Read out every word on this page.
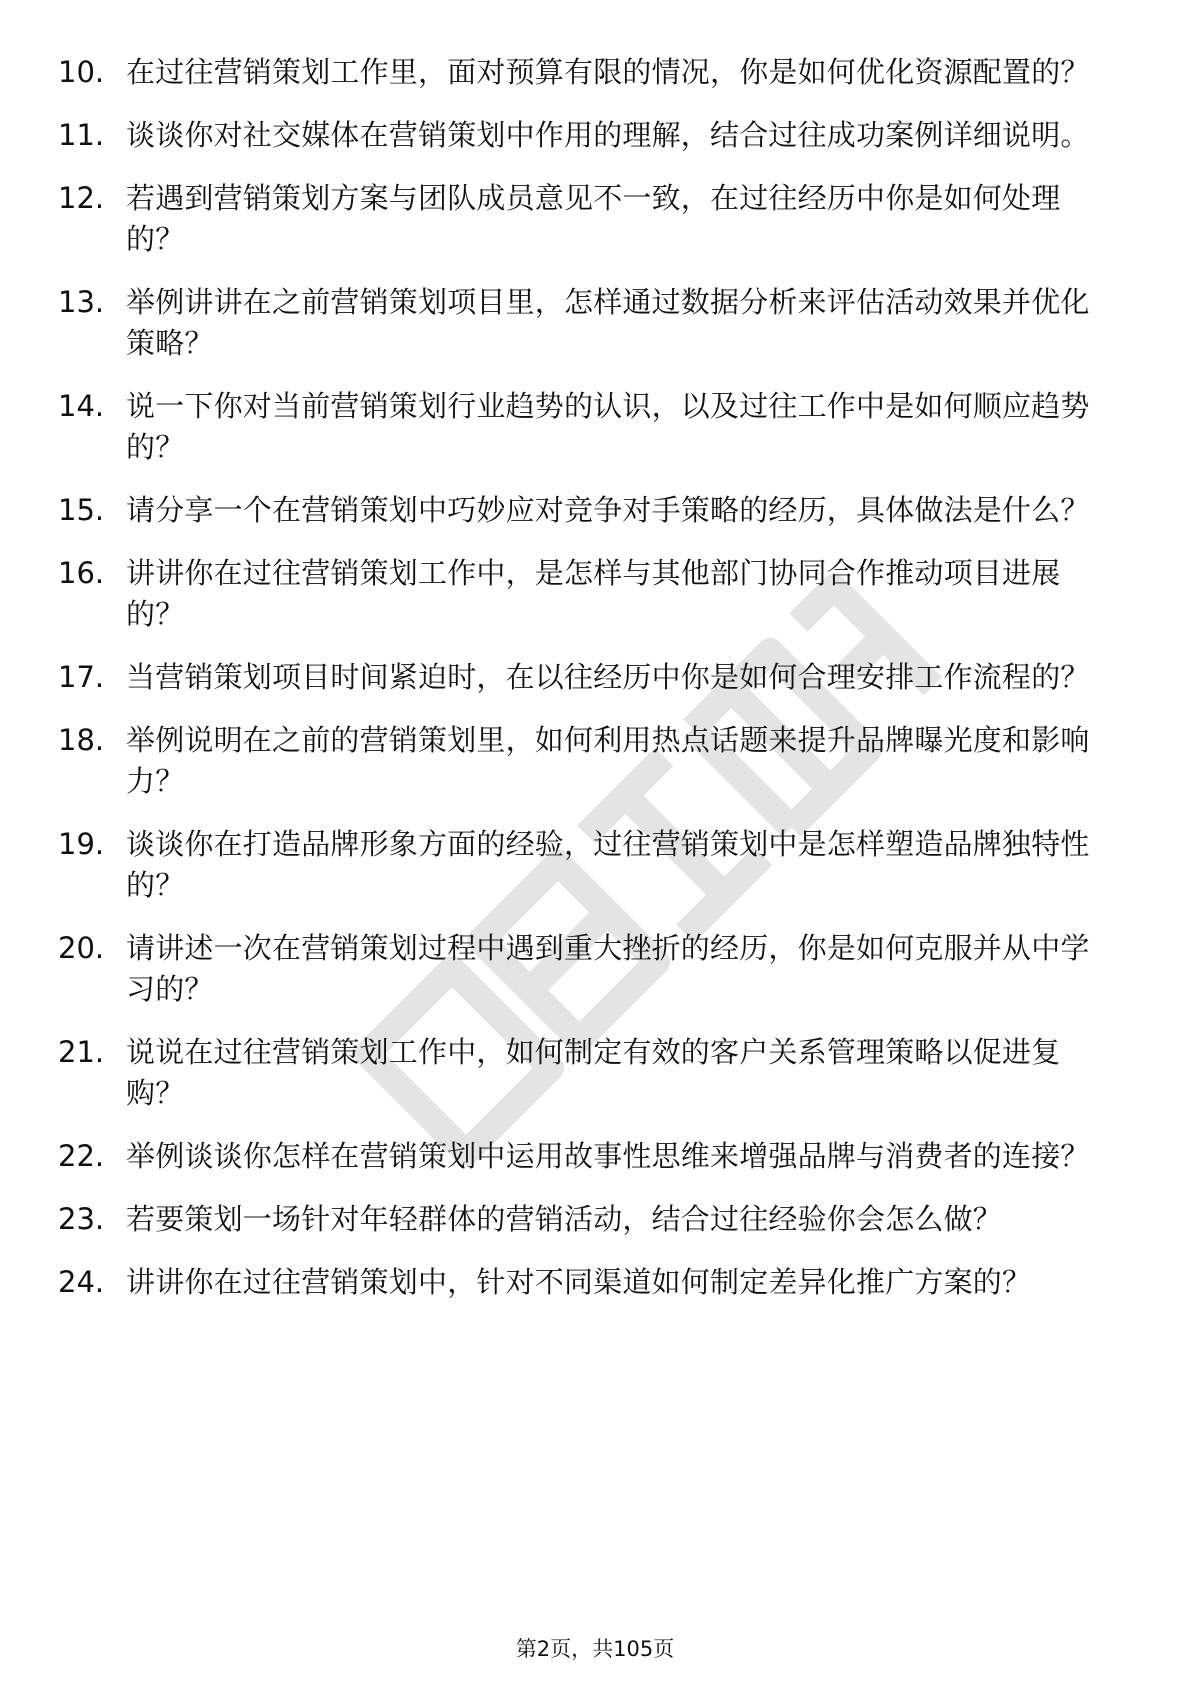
10. 在过往营销策划工作里，面对预算有限的情况，你是如何优化资源配置的？
11. 谈谈你对社交媒体在营销策划中作用的理解，结合过往成功案例详细说明。
12. 若遇到营销策划方案与团队成员意见不一致，在过往经历中你是如何处理的？
13. 举例讲讲在之前营销策划项目里，怎样通过数据分析来评估活动效果并优化策略？
14. 说一下你对当前营销策划行业趋势的认识，以及过往工作中是如何顺应趋势的？
15. 请分享一个在营销策划中巧妙应对竞争对手策略的经历，具体做法是什么？
16. 讲讲你在过往营销策划工作中，是怎样与其他部门协同合作推动项目进展的？
17. 当营销策划项目时间紧迫时，在以往经历中你是如何合理安排工作流程的？
18. 举例说明在之前的营销策划里，如何利用热点话题来提升品牌曝光度和影响力？
19. 谈谈你在打造品牌形象方面的经验，过往营销策划中是怎样塑造品牌独特性的？
20. 请讲述一次在营销策划过程中遇到重大挫折的经历，你是如何克服并从中学习的？
21. 说说在过往营销策划工作中，如何制定有效的客户关系管理策略以促进复购？
22. 举例谈谈你怎样在营销策划中运用故事性思维来增强品牌与消费者的连接？
23. 若要策划一场针对年轻群体的营销活动，结合过往经验你会怎么做？
24. 讲讲你在过往营销策划中，针对不同渠道如何制定差异化推广方案的？
第2页，共105页
